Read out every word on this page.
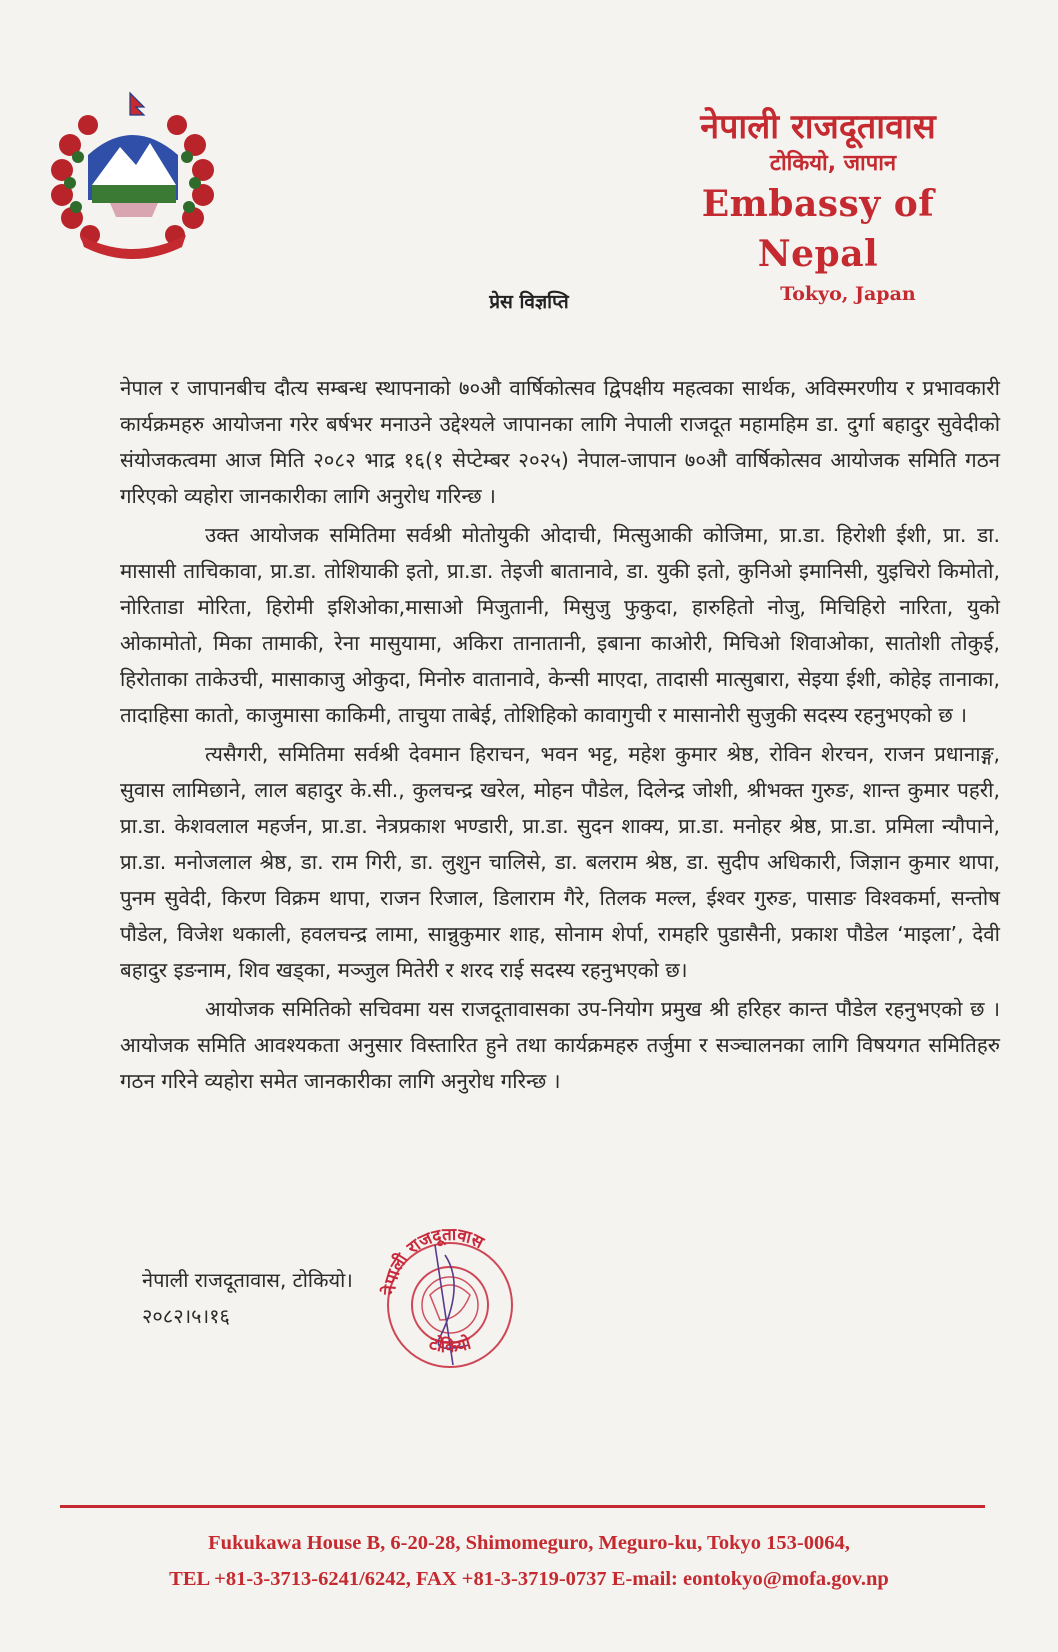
नेपाली राजदूतावास
टोकियो, जापान
Embassy of Nepal
Tokyo, Japan
प्रेस विज्ञप्ति

नेपाल र जापानबीच दौत्य सम्बन्ध स्थापनाको ७०औ वार्षिकोत्सव द्विपक्षीय महत्वका सार्थक, अविस्मरणीय र प्रभावकारी कार्यक्रमहरु आयोजना गरेर बर्षभर मनाउने उद्देश्यले जापानका लागि नेपाली राजदूत महामहिम डा. दुर्गा बहादुर सुवेदीको संयोजकत्वमा आज मिति २०८२ भाद्र १६(१ सेप्टेम्बर २०२५) नेपाल-जापान ७०औ वार्षिकोत्सव आयोजक समिति गठन गरिएको व्यहोरा जानकारीका लागि अनुरोध गरिन्छ ।

उक्त आयोजक समितिमा सर्वश्री मोतोयुकी ओदाची, मित्सुआकी कोजिमा, प्रा.डा. हिरोशी ईशी, प्रा. डा. मासासी ताचिकावा, प्रा.डा. तोशियाकी इतो, प्रा.डा. तेइजी बातानावे, डा. युकी इतो, कुनिओ इमानिसी, युइचिरो किमोतो, नोरिताडा मोरिता, हिरोमी इशिओका,मासाओ मिजुतानी, मिसुजु फुकुदा, हारुहितो नोजु, मिचिहिरो नारिता, युको ओकामोतो, मिका तामाकी, रेना मासुयामा, अकिरा तानातानी, इबाना काओरी, मिचिओ शिवाओका, सातोशी तोकुई, हिरोताका ताकेउची, मासाकाजु ओकुदा, मिनोरु वातानावे, केन्सी माएदा, तादासी मात्सुबारा, सेइया ईशी, कोहेइ तानाका, तादाहिसा कातो, काजुमासा काकिमी, ताचुया ताबेई, तोशिहिको कावागुची र मासानोरी सुजुकी सदस्य रहनुभएको छ ।

त्यसैगरी, समितिमा सर्वश्री देवमान हिराचन, भवन भट्ट, महेश कुमार श्रेष्ठ, रोविन शेरचन, राजन प्रधानाङ्ग, सुवास लामिछाने, लाल बहादुर के.सी., कुलचन्द्र खरेल, मोहन पौडेल, दिलेन्द्र जोशी, श्रीभक्त गुरुङ, शान्त कुमार पहरी, प्रा.डा. केशवलाल महर्जन, प्रा.डा. नेत्रप्रकाश भण्डारी, प्रा.डा. सुदन शाक्य, प्रा.डा. मनोहर श्रेष्ठ, प्रा.डा. प्रमिला न्यौपाने, प्रा.डा. मनोजलाल श्रेष्ठ, डा. राम गिरी, डा. लुशुन चालिसे, डा. बलराम श्रेष्ठ, डा. सुदीप अधिकारी, जिज्ञान कुमार थापा, पुनम सुवेदी, किरण विक्रम थापा, राजन रिजाल, डिलाराम गैरे, तिलक मल्ल, ईश्वर गुरुङ, पासाङ विश्वकर्मा, सन्तोष पौडेल, विजेश थकाली, हवलचन्द्र लामा, सान्नुकुमार शाह, सोनाम शेर्पा, रामहरि पुडासैनी, प्रकाश पौडेल ‘माइला’, देवी बहादुर इङनाम, शिव खड्का, मञ्जुल मितेरी र शरद राई सदस्य रहनुभएको छ।

आयोजक समितिको सचिवमा यस राजदूतावासका उप-नियोग प्रमुख श्री हरिहर कान्त पौडेल रहनुभएको छ । आयोजक समिति आवश्यकता अनुसार विस्तारित हुने तथा कार्यक्रमहरु तर्जुमा र सञ्चालनका लागि विषयगत समितिहरु गठन गरिने व्यहोरा समेत जानकारीका लागि अनुरोध गरिन्छ ।

नेपाली राजदूतावास, टोकियो।
२०८२।५।१६
नेपाली राजदूतावास
टोकियो
Fukukawa House B, 6-20-28, Shimomeguro, Meguro-ku, Tokyo 153-0064,
TEL +81-3-3713-6241/6242, FAX +81-3-3719-0737 E-mail: eontokyo@mofa.gov.np
